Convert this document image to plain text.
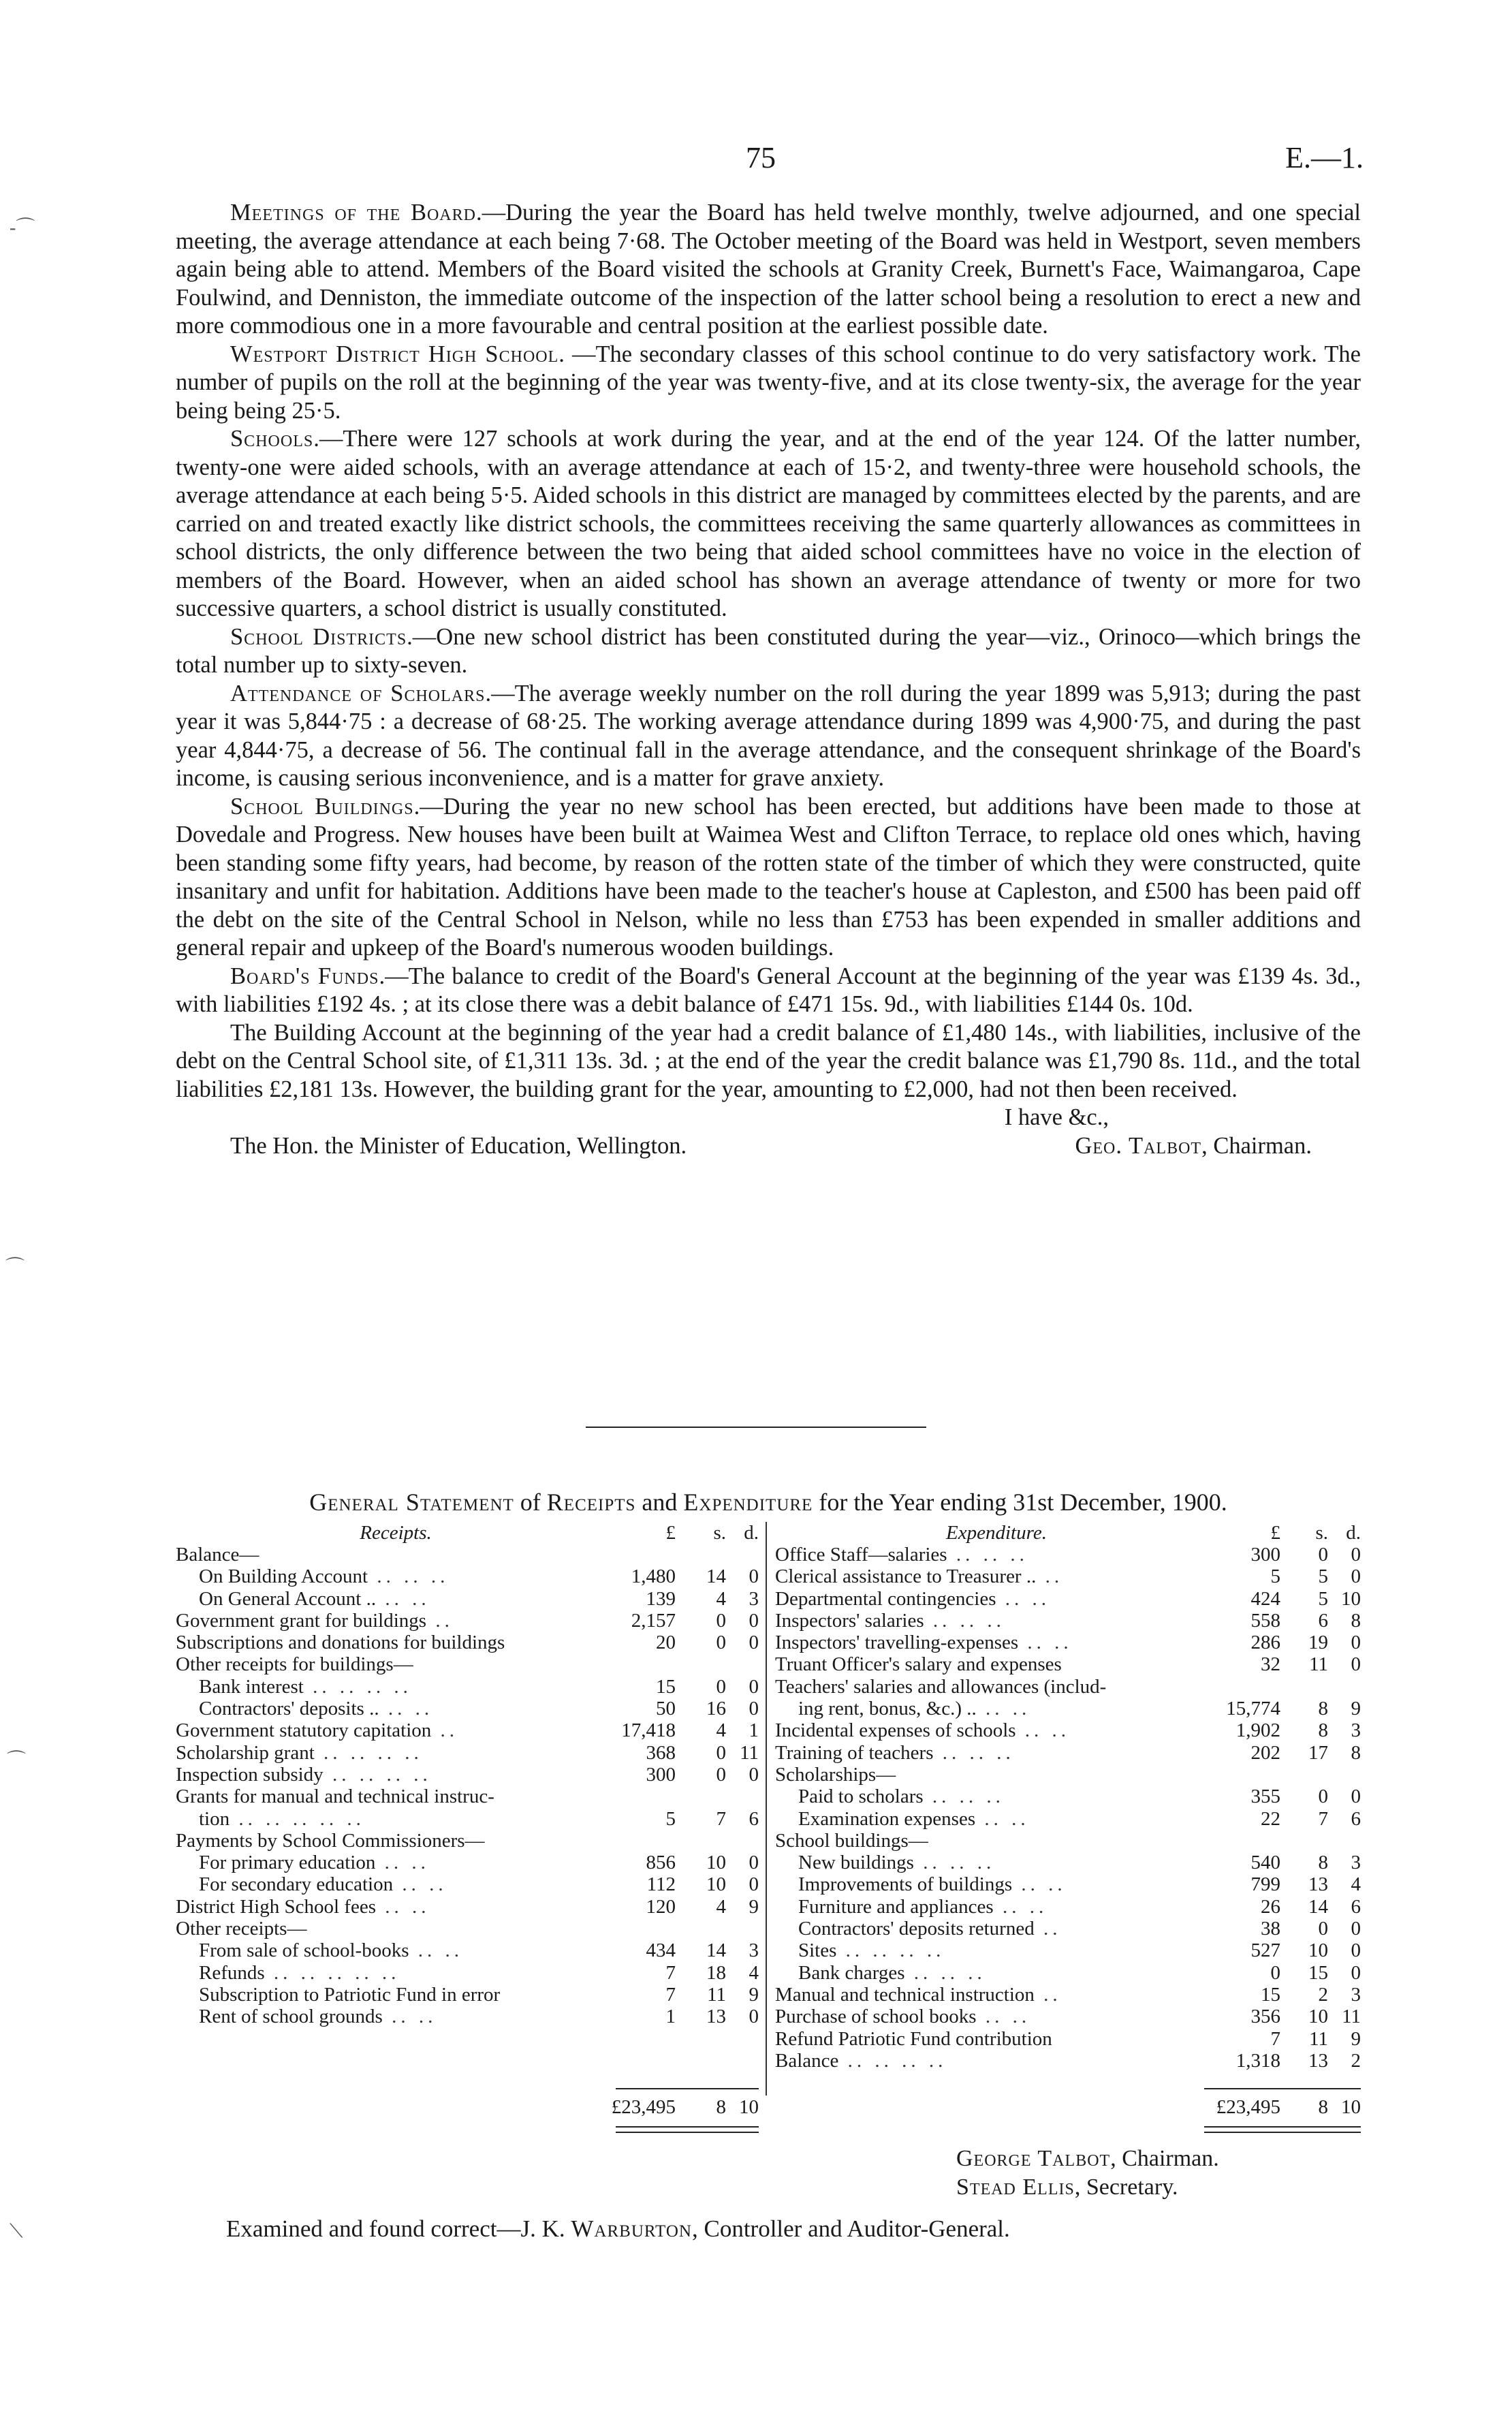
75	E.—1.
-⌒
⌒
⌒
⟍

Meetings of the Board.—During the year the Board has held twelve monthly, twelve adjourned, and one special meeting, the average attendance at each being 7·68. The October meeting of the Board was held in Westport, seven members again being able to attend. Members of the Board visited the schools at Granity Creek, Burnett's Face, Waimangaroa, Cape Foulwind, and Denniston, the immediate outcome of the inspection of the latter school being a resolution to erect a new and more commodious one in a more favourable and central position at the earliest possible date.

Westport District High School. —The secondary classes of this school continue to do very satisfactory work. The number of pupils on the roll at the beginning of the year was twenty-five, and at its close twenty-six, the average for the year being being 25·5.

Schools.—There were 127 schools at work during the year, and at the end of the year 124. Of the latter number, twenty-one were aided schools, with an average attendance at each of 15·2, and twenty-three were household schools, the average attendance at each being 5·5. Aided schools in this district are managed by committees elected by the parents, and are carried on and treated exactly like district schools, the committees receiving the same quarterly allowances as committees in school districts, the only difference between the two being that aided school committees have no voice in the election of members of the Board. However, when an aided school has shown an average attendance of twenty or more for two successive quarters, a school district is usually constituted.

School Districts.—One new school district has been constituted during the year—viz., Orinoco—which brings the total number up to sixty-seven.

Attendance of Scholars.—The average weekly number on the roll during the year 1899 was 5,913; during the past year it was 5,844·75 : a decrease of 68·25. The working average attendance during 1899 was 4,900·75, and during the past year 4,844·75, a decrease of 56. The continual fall in the average attendance, and the consequent shrinkage of the Board's income, is causing serious inconvenience, and is a matter for grave anxiety.

School Buildings.—During the year no new school has been erected, but additions have been made to those at Dovedale and Progress. New houses have been built at Waimea West and Clifton Terrace, to replace old ones which, having been standing some fifty years, had become, by reason of the rotten state of the timber of which they were constructed, quite insanitary and unfit for habitation. Additions have been made to the teacher's house at Capleston, and £500 has been paid off the debt on the site of the Central School in Nelson, while no less than £753 has been expended in smaller additions and general repair and upkeep of the Board's numerous wooden buildings.

Board's Funds.—The balance to credit of the Board's General Account at the beginning of the year was £139 4s. 3d., with liabilities £192 4s. ; at its close there was a debit balance of £471 15s. 9d., with liabilities £144 0s. 10d.

The Building Account at the beginning of the year had a credit balance of £1,480 14s., with liabilities, inclusive of the debt on the Central School site, of £1,311 13s. 3d. ; at the end of the year the credit balance was £1,790 8s. 11d., and the total liabilities £2,181 13s. However, the building grant for the year, amounting to £2,000, had not then been received.

I have &c.,
The Hon. the Minister of Education, Wellington.	Geo. Talbot, Chairman.
General Statement of Receipts and Expenditure for the Year ending 31st December, 1900.
Receipts.	£	s. d.
Balance—
On Building Account .. .. ..	1,480	14	0
On General Account .. .. ..	139	4	3
Government grant for buildings ..	2,157	0	0
Subscriptions and donations for buildings	20	0	0
Other receipts for buildings—
Bank interest .. .. .. ..	15	0	0
Contractors' deposits .. .. ..	50	16	0
Government statutory capitation ..	17,418	4	1
Scholarship grant .. .. .. ..	368	0 11
Inspection subsidy .. .. .. ..	300	0	0
Grants for manual and technical instruc-
tion .. .. .. .. ..	5	7	6
Payments by School Commissioners—
For primary education .. ..	856	10	0
For secondary education .. ..	112	10	0
District High School fees .. ..	120	4	9
Other receipts—
From sale of school-books .. ..	434	14	3
Refunds .. .. .. .. ..	7	18	4
Subscription to Patriotic Fund in error	7	11	9
Rent of school grounds .. ..	1	13	0
£23,495	8 10
Expenditure.	£	s. d.
Office Staff—salaries .. .. ..	300	0	0
Clerical assistance to Treasurer .. ..	5	5	0
Departmental contingencies .. ..	424	5 10
Inspectors' salaries .. .. ..	558	6	8
Inspectors' travelling-expenses .. ..	286	19	0
Truant Officer's salary and expenses	32	11	0
Teachers' salaries and allowances (includ-
ing rent, bonus, &c.) .. .. ..	15,774	8	9
Incidental expenses of schools .. ..	1,902	8	3
Training of teachers .. .. ..	202	17	8
Scholarships—
Paid to scholars .. .. ..	355	0	0
Examination expenses .. ..	22	7	6
School buildings—
New buildings .. .. ..	540	8	3
Improvements of buildings .. ..	799	13	4
Furniture and appliances .. ..	26	14	6
Contractors' deposits returned ..	38	0	0
Sites .. .. .. ..	527	10	0
Bank charges .. .. ..	0	15	0
Manual and technical instruction ..	15	2	3
Purchase of school books .. ..	356	10 11
Refund Patriotic Fund contribution	7	11	9
Balance .. .. .. ..	1,318	13	2
£23,495	8 10
George Talbot, Chairman.
Stead Ellis, Secretary.
Examined and found correct—J. K. Warburton, Controller and Auditor-General.
